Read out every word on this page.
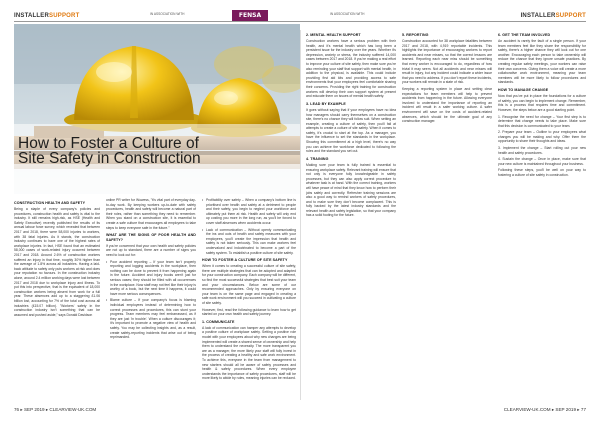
INSTALLERSUPPORT	IN ASSOCIATION WITH	FENSA	IN ASSOCIATION WITH	INSTALLERSUPPORT
How to Foster a Culture of Site Safety in Construction
CONSTRUCTION HEALTH AND SAFETY

Being a staple of every company's policies and procedures, construction health and safety is vital to the industry. It still remains high-risk, as HSE (Health and Safety Executive) recently published the results of its annual labour force survey, which revealed that between 2017 and 2018, there were 58,000 injuries to workers, with 38 fatal injuries. As it stands, the construction industry continues to have one of the highest rates of workplace injuries. In fact, HSE found that an estimated 58,000 cases of work-related injury occurred between 2017 and 2018. Around 2.6% of construction workers suffered an injury in that time, roughly 30% higher than the average of 1.8% across all industries. Having a laid-back attitude to safety only puts workers at risk and does your reputation no favours. In the construction industry alone, around 2.4 million working days were lost between 2017 and 2018 due to workplace injury and illness. To put this into perspective, that is the equivalent of 18,000 construction workers being absent from work for a full year. These absences add up to a staggering £1.06 billion lost, accounting for 7% of the total cost across all industries (£15.07 billion). "Workers' safety in the construction industry isn't something that can be assumed and pushed aside," says Donald Davidson

online PR writer for Wowess, "it's vital part of everyday day-to-day work. By keeping workers up-to-date with safety procedures, health and safety will become a natural part of their roles, rather than something they need to remember. When you stand on a construction site, it is essential to create a safe culture that encourages all employees to take steps to keep everyone safe in the future."

WHAT ARE THE SIGNS OF POOR HEALTH AND SAFETY?

If you're concerned that your own health and safety policies are not up to standard, there are a number of signs you need to look out for:

• Poor accident reporting – If your team isn't properly reporting and logging accidents in the workplace, then nothing can be done to prevent it from happening again in the future. Accident and injury books aren't just for serious cases; they should be filled with all occurrences in the workplace. Now staff may not feel like their injury is worthy of a book, but the next time it happens, it could have more serious consequences.
• Blame culture – If your company's focus is blaming individual employees instead of determining how to correct processes and procedures, this can stunt your progress. Team members may feel embarrassed, as if they are just 'in trouble'. When a culture discourages it; it's important to promote a negative view of health and safety. You may be collecting insights and, as a result, create safety-reporting incidents that arise out of being reprimanded.
• Profitability over safety – When a company's bottom line is prioritised over health and safety at a detriment to people and their safety, you begin to neglect your workforce and ultimately put them at risk. Health and safety will only end up costing you more in the long run, as you'll be forced to cover staff absences when accidents occur.
• Lack of communication – Without openly communicating the ins and outs of health and safety measures with your employees, you'll create the impression that health and safety is not taken seriously. This can make workers feel undervalued and indoctrinated to become a part of the safety system. To establish a positive culture of site safety.
HOW TO FOSTER A CULTURE OF SITE SAFETY

When it comes to creating a successful culture of site safety, there are multiple strategies that can be adopted and adapted for your construction company. Each company will be different, so find the most successful strategies that best suit your team and your circumstances. Below are some of our recommended approaches. Only by ensuring everyone on your team is on the same page and engaged in creating a safe work environment will you succeed in cultivating a culture of site safety.

However, first, read the following guidance to learn how to get started on your own health and safety journey.

1. COMMUNICATE

A lack of communication can hamper any attempts to develop a positive culture of workplace safety. Setting a positive role model with your employees about why new changes are being implemented will create a shared sense of ownership and help them to understand the necessity. The more transparent you are as a manager, the more likely your staff will fully invest in the process of creating a healthy and safe work environment. To achieve this, everyone in the team from management to new starters should all be aware of safety processes and health & safety procedures. When every employee understands the importance of safety procedures, staff will be more likely to abide by rules, meaning injuries can be reduced.

2. MENTAL HEALTH SUPPORT

Construction workers have a serious problem with their health, and it's mental health which has long been a persistent issue for the industry over the years. Whether it's depression, anxiety or stress, the industry suffered 14,000 cases between 2017 and 2018. If you're making a real effort to improve your culture of site safety, then make sure you're also reminding your staff that support with mental health, in addition to the physical, is available. This could include providing first aid kits and providing access to safe environments that your employees feel comfortable sharing their concerns. Providing the right training for construction workers will develop their own support system at present and educate them on issues of mental health safety.

3. LEAD BY EXAMPLE

It goes without saying that if your employees have no idea how managers should carry themselves on a construction site, there's no chance they will follow suit. When setting an example, creating a culture of safety, then you'll fail at attempts to create a culture of site safety. When it comes to safety, it's crucial to start at the top. As a manager, you have the influence to set the standards in the workplace. Showing this commitment at a high level, there's no way you can achieve the workforce dedicated to following the rules and the standard you set out.

4. TRAINING

Making sure your team is fully trained is essential to ensuring workplace safety. Relevant training will ensure that not only is everyone fully knowledgeable in safety processes, but they can also apply correct procedure to whatever task is at hand. With the correct training, workers will have peace of mind that they know how to perform their jobs safely and correctly. Refresher training sessions are also a good way to remind workers of safety procedures, and to make sure they don't become complacent. This is fully backed by the latest industry standards and the relevant health and safety legislation, so that your company has a solid footing for the future.

5. REPORTING

Construction accounted for 38 workplace fatalities between 2017 and 2018, with 4,919 reportable incidents. This highlights the importance of encouraging workers to report accidents and near misses, so that the correct lessons are learned. Reporting each near miss should be something that every worker is encouraged to do, regardless of how trivial it may seem. Not all accidents and near misses will result in injury, but any incident could indicate a wider issue that you need to address. If you don't report these incidents, your workers will remain in a state of risk.

Keeping a reporting system in place and setting clear expectations for team members will help to prevent accidents from happening in the future. Allowing everyone involved to understand the importance of reporting an incident will result in a safer working culture. A safer environment will save on the costs of accident-related absences, which should be the ultimate goal of any construction manager.

6. GET THE TEAM INVOLVED

An accident is rarely the fault of a single person. If your team members feel like they share the responsibility for safety, there's a higher chance they will look out for one another. Encouraging each person to take ownership will reduce the chance that they ignore unsafe practices. By creating regular safety meetings, your workers can raise their own concerns. Giving them a voice will create a more collaborative work environment, meaning your team members will be more likely to follow procedures and standards.

HOW TO MANAGE CHANGE

Now that you've put in place the foundations for a culture of safety, you can begin to implement change. Remember, this is a process that requires time and commitment. However, the steps below are a good starting point.

1. Recognise the need for change – Your first step is to determine that change needs to take place. Make sure that this decision is communicated to your team.

2. Prepare your team – Outline to your employees what changes you will be making and why. Offer them the opportunity to share their thoughts and ideas.

3. Implement the change – Start rolling out your new health and safety procedures.

4. Sustain the change – Once in place, make sure that your new culture is maintained throughout your business.

Following these steps, you'll be well on your way to fostering a culture of site safety in construction.

76 ▸ SEP 2019 ▸ CLEARVIEW-UK.COM	CLEARVIEW-UK.COM ▸ SEP 2019 ▸ 77
